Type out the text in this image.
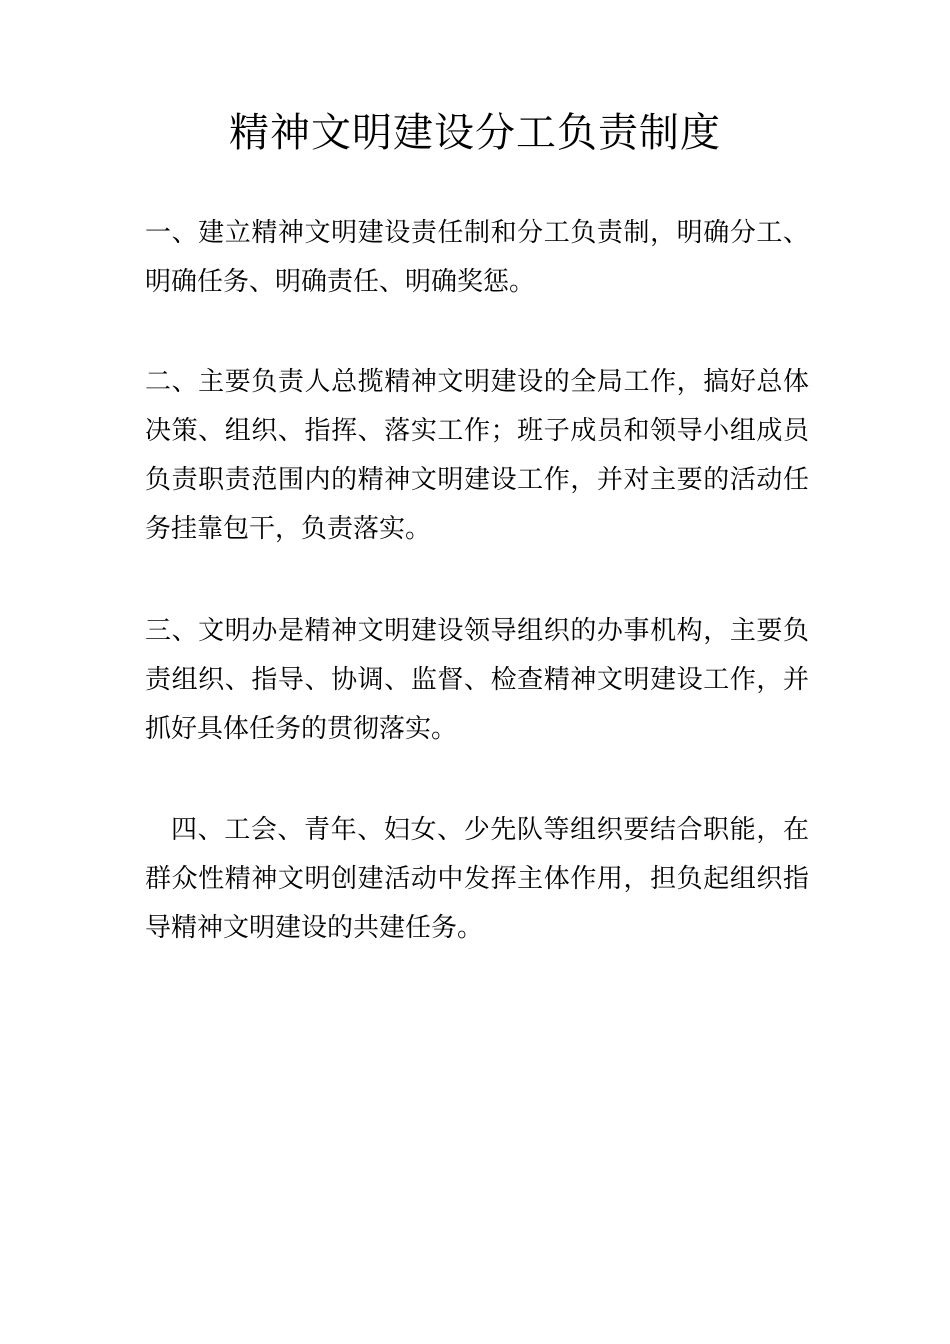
精神文明建设分工负责制度

一、建立精神文明建设责任制和分工负责制，明确分工、明确任务、明确责任、明确奖惩。

二、主要负责人总揽精神文明建设的全局工作，搞好总体决策、组织、指挥、落实工作；班子成员和领导小组成员负责职责范围内的精神文明建设工作，并对主要的活动任务挂靠包干，负责落实。

三、文明办是精神文明建设领导组织的办事机构，主要负责组织、指导、协调、监督、检查精神文明建设工作，并抓好具体任务的贯彻落实。

四、工会、青年、妇女、少先队等组织要结合职能，在群众性精神文明创建活动中发挥主体作用，担负起组织指导精神文明建设的共建任务。
